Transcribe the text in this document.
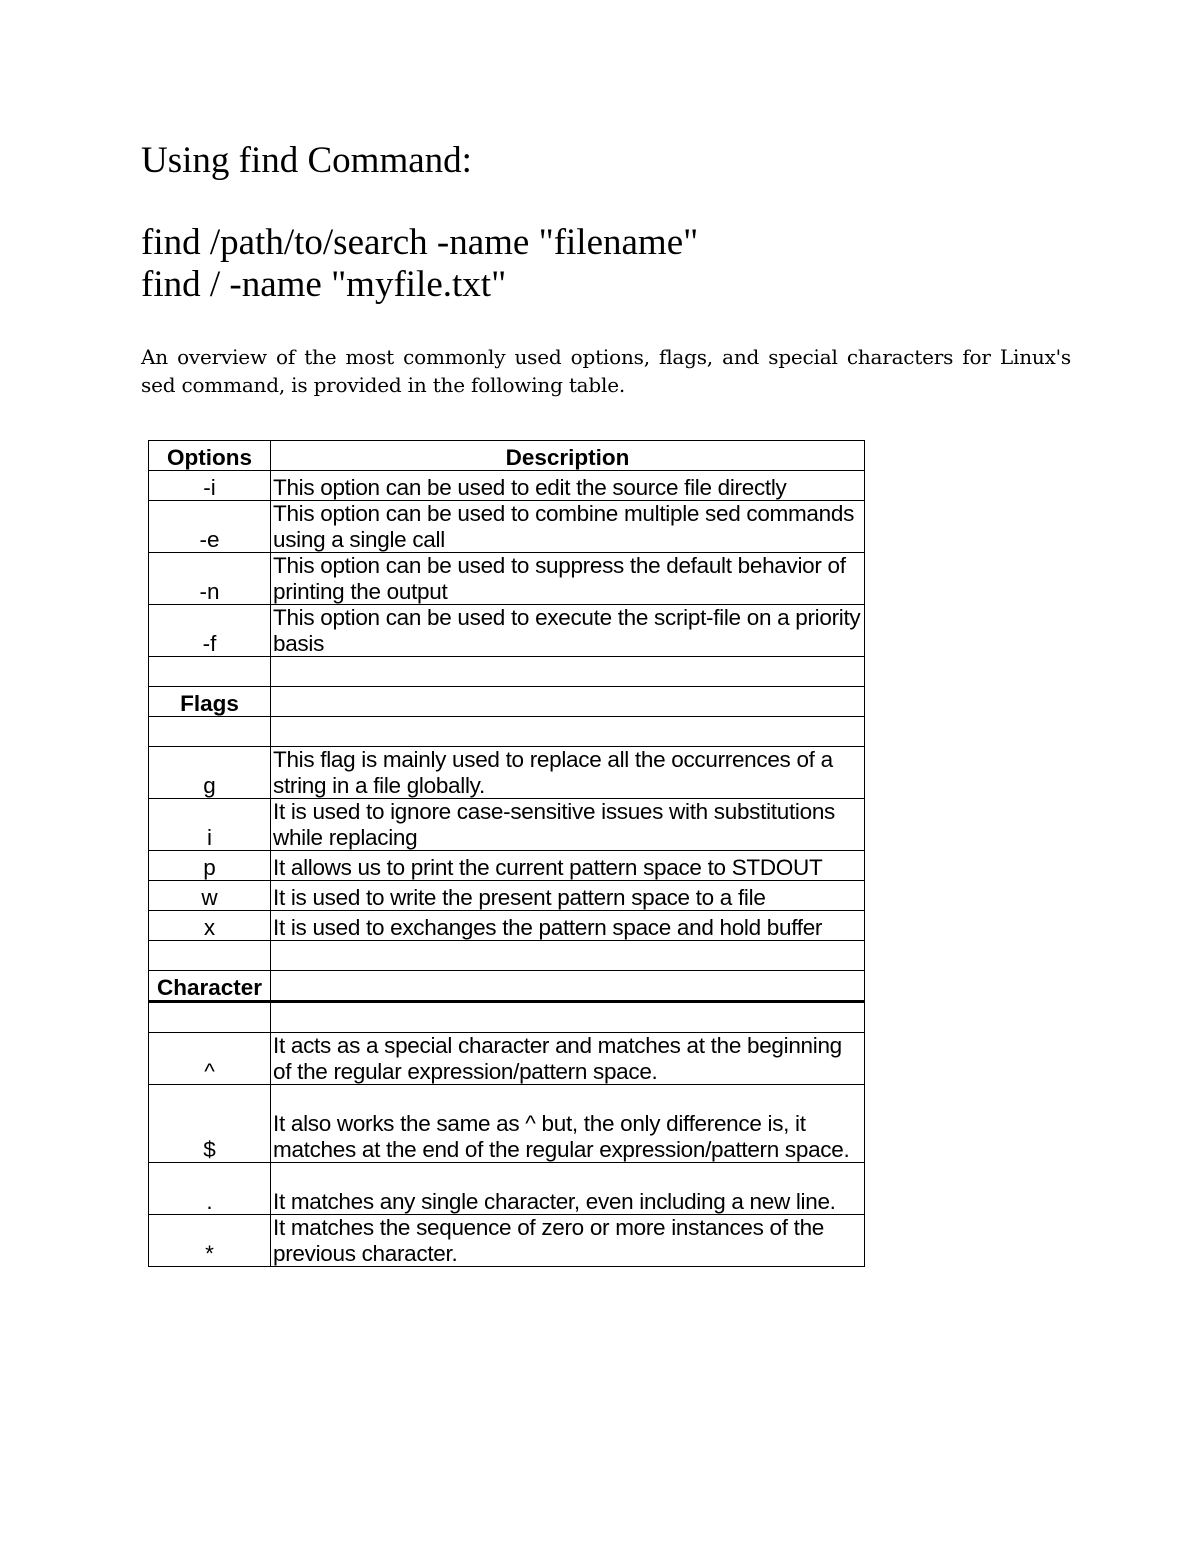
Using find Command:

find /path/to/search -name "filename"

find / -name "myfile.txt"

An overview of the most commonly used options, flags, and special characters for Linux's sed command, is provided in the following table.

Options	Description
-i	This option can be used to edit the source file directly
-e	This option can be used to combine multiple sed commands using a single call
-n	This option can be used to suppress the default behavior of printing the output
-f	This option can be used to execute the script-file on a priority basis

Flags	

g	This flag is mainly used to replace all the occurrences of a string in a file globally.
i	It is used to ignore case-sensitive issues with substitutions while replacing
p	It allows us to print the current pattern space to STDOUT
w	It is used to write the present pattern space to a file
x	It is used to exchanges the pattern space and hold buffer

Character	

^	It acts as a special character and matches at the beginning of the regular expression/pattern space.
$	It also works the same as ^ but, the only difference is, it matches at the end of the regular expression/pattern space.
.	It matches any single character, even including a new line.
*	It matches the sequence of zero or more instances of the previous character.
